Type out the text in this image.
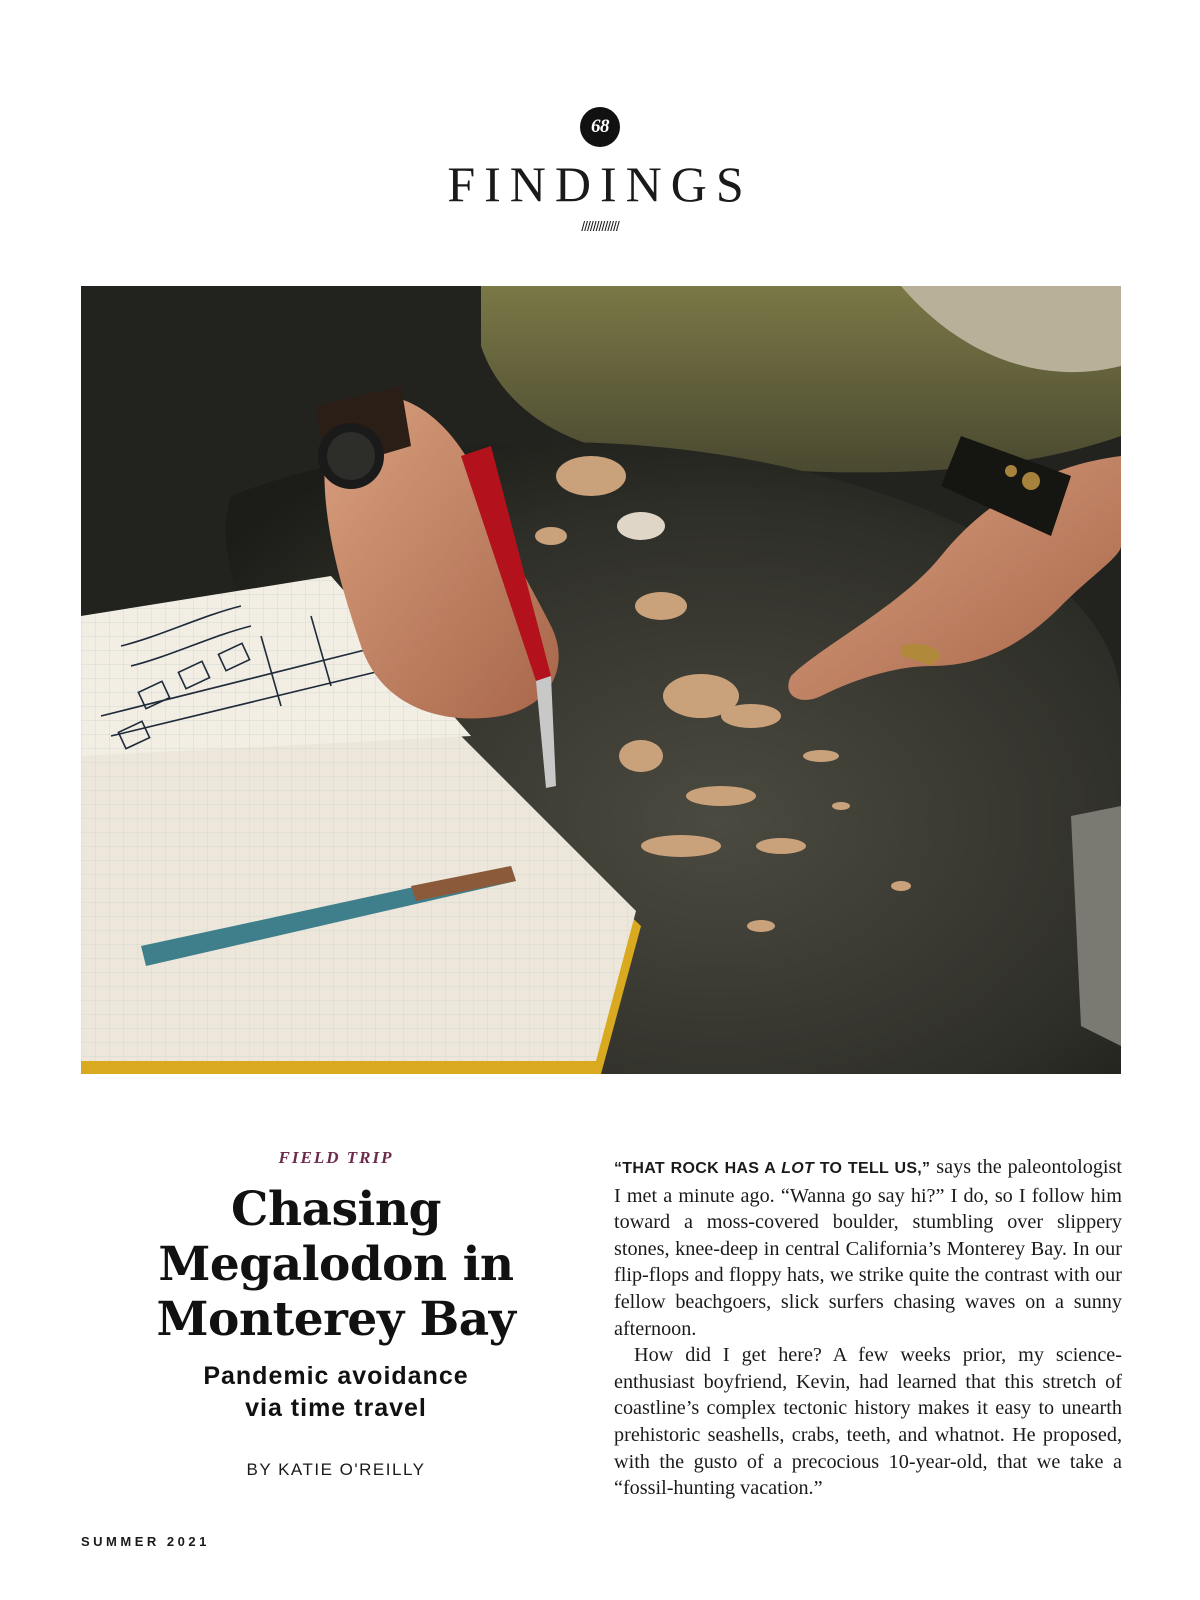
68
FINDINGS
/////////////
FIELD TRIP
Chasing
Megalodon in
Monterey Bay
Pandemic avoidance
via time travel
BY KATIE O'REILLY

“THAT ROCK HAS A LOT TO TELL US,” says the paleontologist I met a minute ago. “Wanna go say hi?” I do, so I follow him toward a moss-covered boulder, stumbling over slippery stones, knee-deep in central California’s Monterey Bay. In our flip-flops and floppy hats, we strike quite the contrast with our fellow beachgoers, slick surfers chasing waves on a sunny afternoon.

How did I get here? A few weeks prior, my science-enthusiast boyfriend, Kevin, had learned that this stretch of coastline’s complex tectonic history makes it easy to unearth prehistoric seashells, crabs, teeth, and whatnot. He proposed, with the gusto of a precocious 10-year-old, that we take a “fossil-hunting vacation.”

SUMMER 2021
